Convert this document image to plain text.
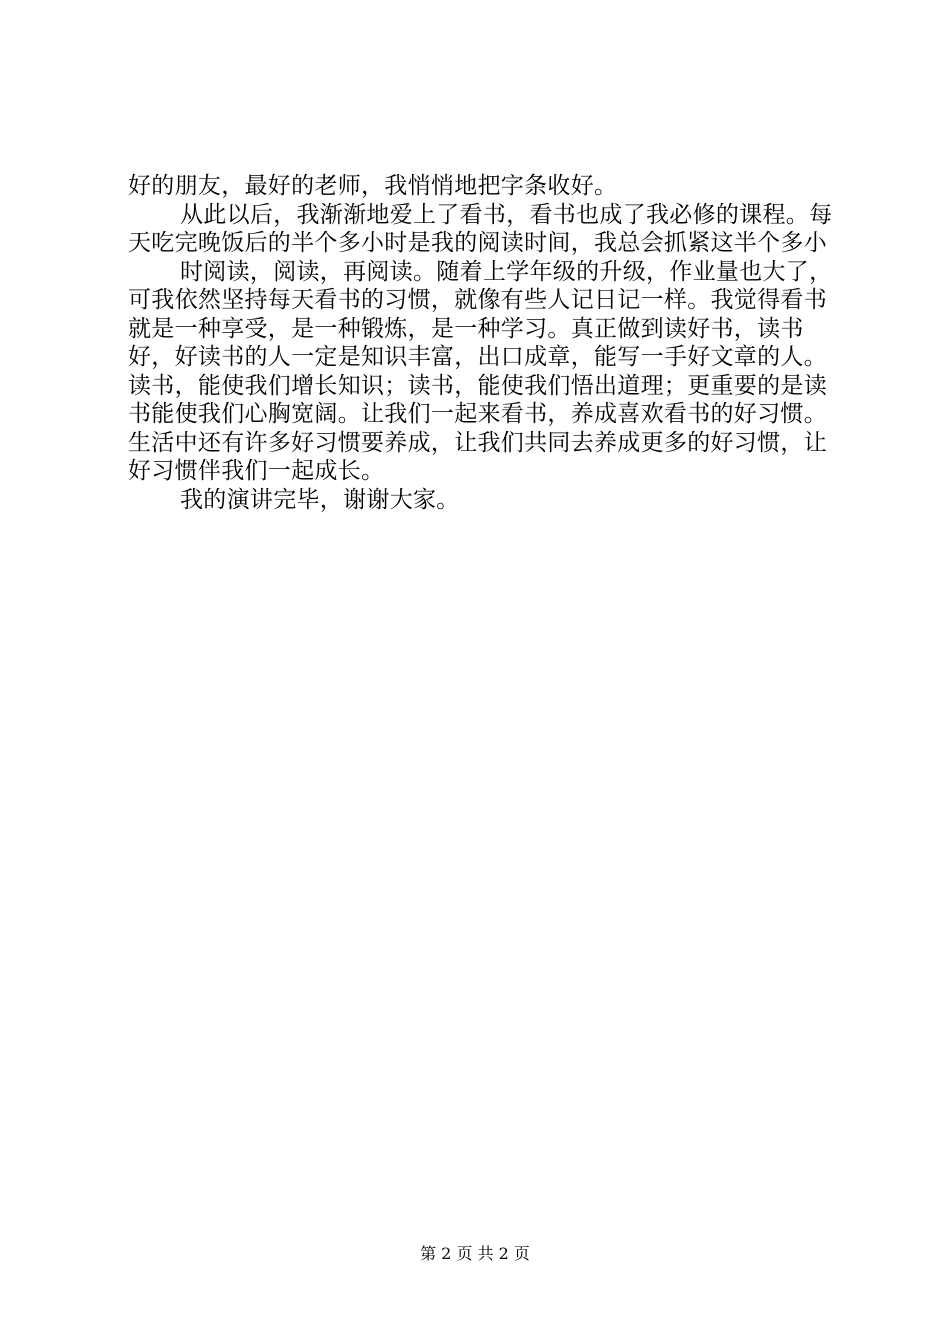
好的朋友，最好的老师，我悄悄地把字条收好。

从此以后，我渐渐地爱上了看书，看书也成了我必修的课程。每天吃完晚饭后的半个多小时是我的阅读时间，我总会抓紧这半个多小

时阅读，阅读，再阅读。随着上学年级的升级，作业量也大了，可我依然坚持每天看书的习惯，就像有些人记日记一样。我觉得看书就是一种享受，是一种锻炼，是一种学习。真正做到读好书，读书好，好读书的人一定是知识丰富，出口成章，能写一手好文章的人。读书，能使我们增长知识；读书，能使我们悟出道理；更重要的是读书能使我们心胸宽阔。让我们一起来看书，养成喜欢看书的好习惯。生活中还有许多好习惯要养成，让我们共同去养成更多的好习惯，让好习惯伴我们一起成长。

我的演讲完毕，谢谢大家。

第 2 页 共 2 页
